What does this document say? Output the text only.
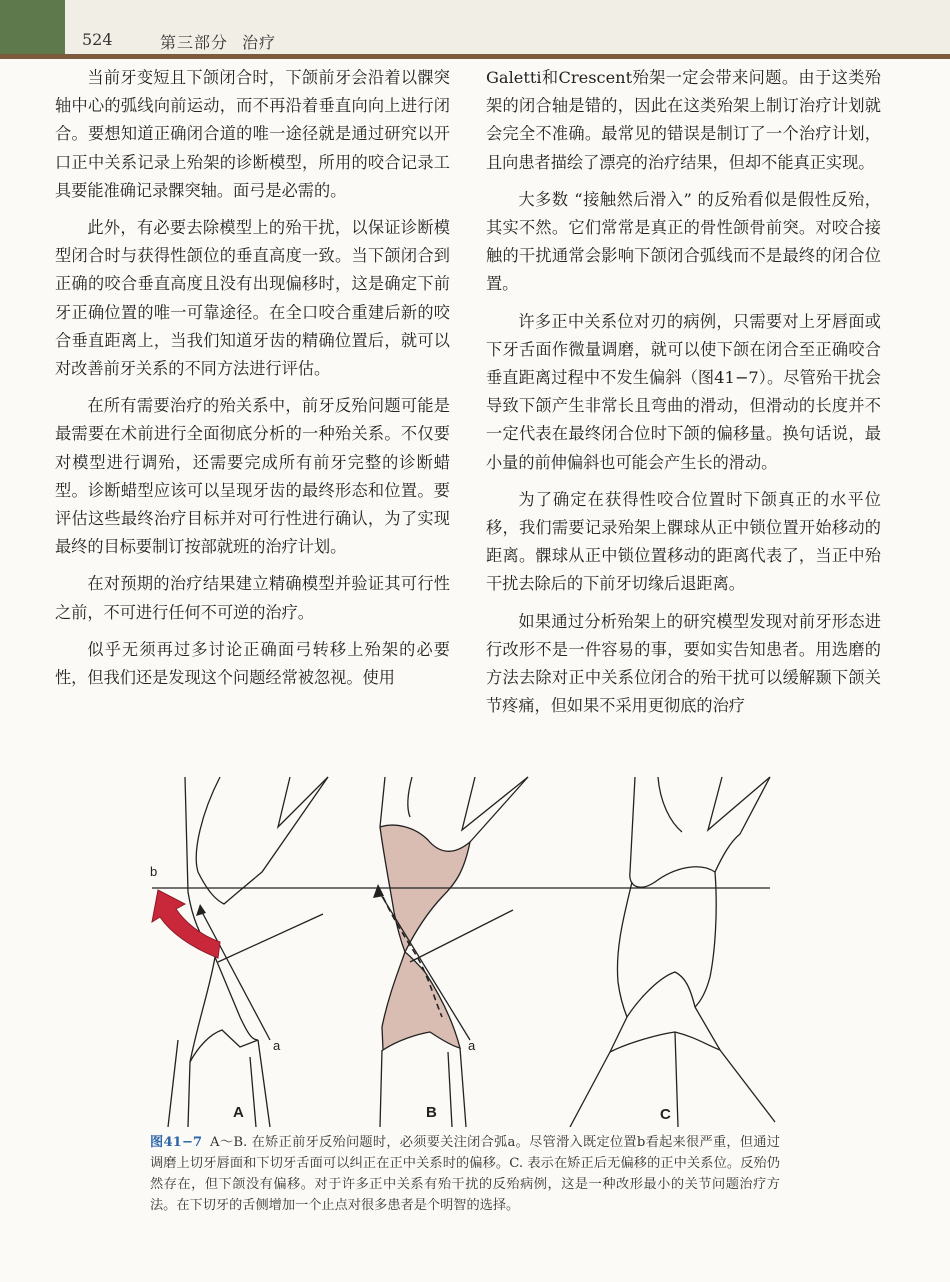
524	第三部分 治疗

当前牙变短且下颌闭合时，下颌前牙会沿着以髁突轴中心的弧线向前运动，而不再沿着垂直向向上进行闭合。要想知道正确闭合道的唯一途径就是通过研究以开口正中关系记录上殆架的诊断模型，所用的咬合记录工具要能准确记录髁突轴。面弓是必需的。

此外，有必要去除模型上的殆干扰，以保证诊断模型闭合时与获得性颌位的垂直高度一致。当下颌闭合到正确的咬合垂直高度且没有出现偏移时，这是确定下前牙正确位置的唯一可靠途径。在全口咬合重建后新的咬合垂直距离上，当我们知道牙齿的精确位置后，就可以对改善前牙关系的不同方法进行评估。

在所有需要治疗的殆关系中，前牙反殆问题可能是最需要在术前进行全面彻底分析的一种殆关系。不仅要对模型进行调殆，还需要完成所有前牙完整的诊断蜡型。诊断蜡型应该可以呈现牙齿的最终形态和位置。要评估这些最终治疗目标并对可行性进行确认，为了实现最终的目标要制订按部就班的治疗计划。

在对预期的治疗结果建立精确模型并验证其可行性之前，不可进行任何不可逆的治疗。

似乎无须再过多讨论正确面弓转移上殆架的必要性，但我们还是发现这个问题经常被忽视。使用

Galetti和Crescent殆架一定会带来问题。由于这类殆架的闭合轴是错的，因此在这类殆架上制订治疗计划就会完全不准确。最常见的错误是制订了一个治疗计划，且向患者描绘了漂亮的治疗结果，但却不能真正实现。

大多数 “接触然后滑入” 的反殆看似是假性反殆，其实不然。它们常常是真正的骨性颌骨前突。对咬合接触的干扰通常会影响下颌闭合弧线而不是最终的闭合位置。

许多正中关系位对刃的病例，只需要对上牙唇面或下牙舌面作微量调磨，就可以使下颌在闭合至正确咬合垂直距离过程中不发生偏斜（图41−7）。尽管殆干扰会导致下颌产生非常长且弯曲的滑动，但滑动的长度并不一定代表在最终闭合位时下颌的偏移量。换句话说，最小量的前伸偏斜也可能会产生长的滑动。

为了确定在获得性咬合位置时下颌真正的水平位移，我们需要记录殆架上髁球从正中锁位置开始移动的距离。髁球从正中锁位置移动的距离代表了，当正中殆干扰去除后的下前牙切缘后退距离。

如果通过分析殆架上的研究模型发现对前牙形态进行改形不是一件容易的事，要如实告知患者。用选磨的方法去除对正中关系位闭合的殆干扰可以缓解颞下颌关节疼痛，但如果不采用更彻底的治疗

b
a	a
A	B	C
图41−7 A～B. 在矫正前牙反殆问题时，必须要关注闭合弧a。尽管滑入既定位置b看起来很严重，但通过调磨上切牙唇面和下切牙舌面可以纠正在正中关系时的偏移。C. 表示在矫正后无偏移的正中关系位。反殆仍然存在，但下颌没有偏移。对于许多正中关系有殆干扰的反殆病例，这是一种改形最小的关节问题治疗方法。在下切牙的舌侧增加一个止点对很多患者是个明智的选择。
